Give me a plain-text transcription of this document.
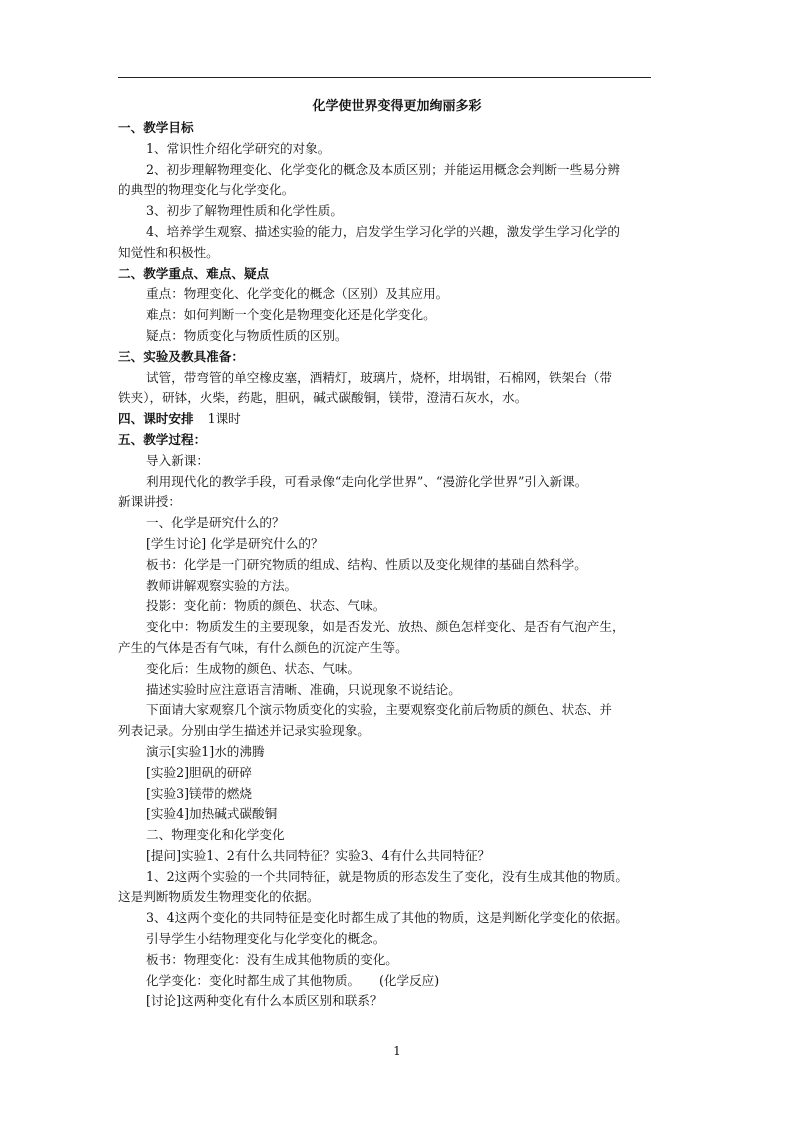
化学使世界变得更加绚丽多彩
一、教学目标
1、常识性介绍化学研究的对象。
2、初步理解物理变化、化学变化的概念及本质区别；并能运用概念会判断一些易分辨
的典型的物理变化与化学变化。
3、初步了解物理性质和化学性质。
4、培养学生观察、描述实验的能力，启发学生学习化学的兴趣，激发学生学习化学的
知觉性和积极性。
二、教学重点、难点、疑点
重点：物理变化、化学变化的概念（区别）及其应用。
难点：如何判断一个变化是物理变化还是化学变化。
疑点：物质变化与物质性质的区别。
三、实验及教具准备：
试管，带弯管的单空橡皮塞，酒精灯，玻璃片，烧杯，坩埚钳，石棉网，铁架台（带
铁夹），研钵，火柴，药匙，胆矾，碱式碳酸铜，镁带，澄清石灰水，水。
四、课时安排 1课时
五、教学过程：
导入新课：
利用现代化的教学手段，可看录像“走向化学世界”、“漫游化学世界”引入新课。
新课讲授：
一、化学是研究什么的？
[学生讨论] 化学是研究什么的？
板书：化学是一门研究物质的组成、结构、性质以及变化规律的基础自然科学。
教师讲解观察实验的方法。
投影：变化前：物质的颜色、状态、气味。
变化中：物质发生的主要现象，如是否发光、放热、颜色怎样变化、是否有气泡产生，
产生的气体是否有气味，有什么颜色的沉淀产生等。
变化后：生成物的颜色、状态、气味。
描述实验时应注意语言清晰、准确，只说现象不说结论。
下面请大家观察几个演示物质变化的实验，主要观察变化前后物质的颜色、状态、并
列表记录。分别由学生描述并记录实验现象。
演示[实验1]水的沸腾
[实验2]胆矾的研碎
[实验3]镁带的燃烧
[实验4]加热碱式碳酸铜
二、物理变化和化学变化
[提问]实验1、2有什么共同特征？实验3、4有什么共同特征？
1、2这两个实验的一个共同特征，就是物质的形态发生了变化，没有生成其他的物质。
这是判断物质发生物理变化的依据。
3、4这两个变化的共同特征是变化时都生成了其他的物质，这是判断化学变化的依据。
引导学生小结物理变化与化学变化的概念。
板书：物理变化：没有生成其他物质的变化。
化学变化：变化时都生成了其他物质。　　(化学反应)
[讨论]这两种变化有什么本质区别和联系？
1
